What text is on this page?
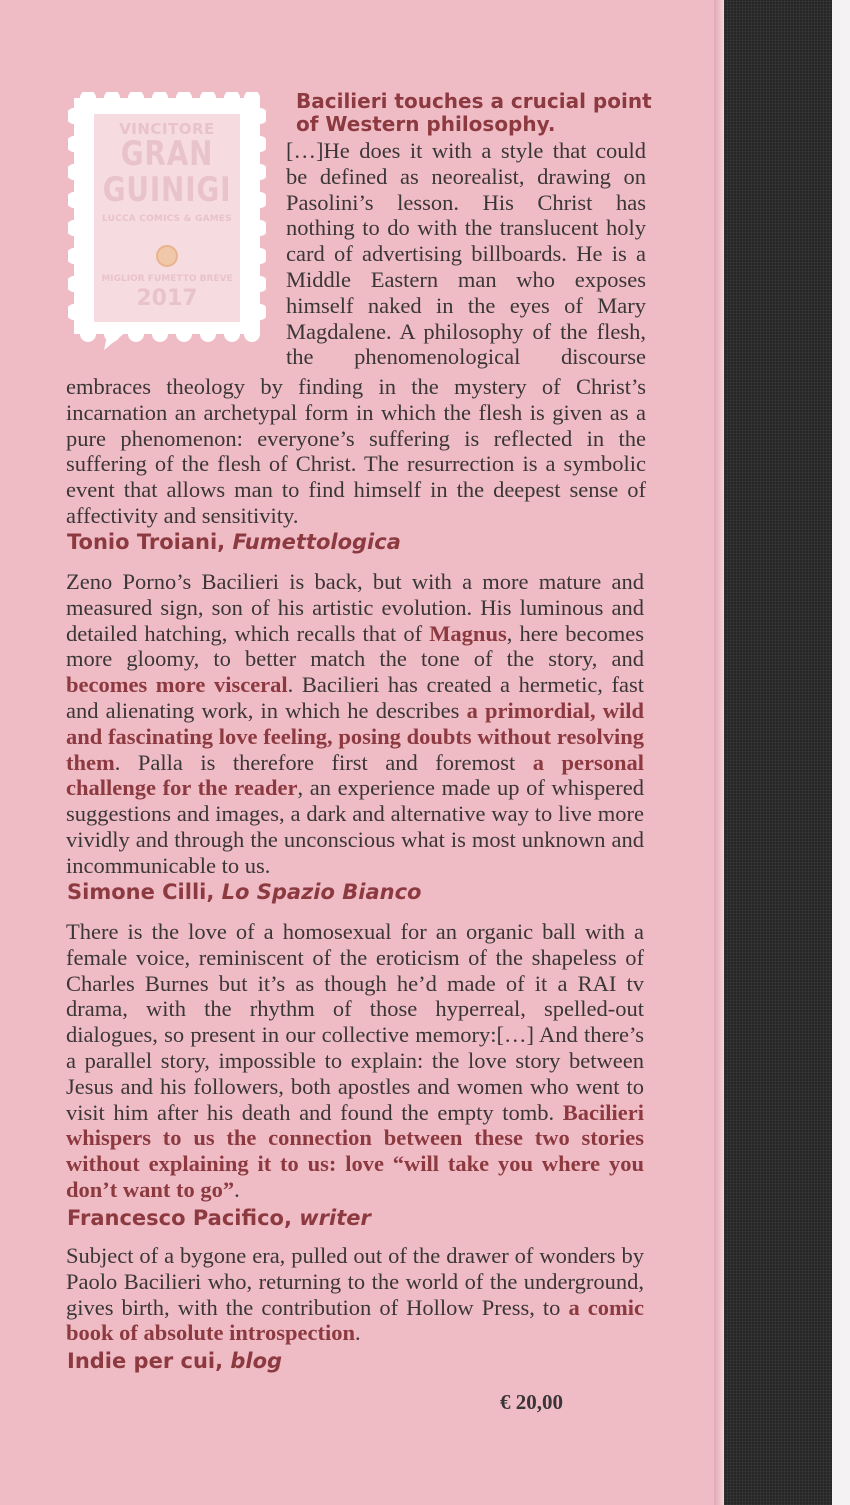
VINCITORE
GRAN
GUINIGI
LUCCA COMICS & GAMES
MIGLIOR FUMETTO BREVE
2017
Bacilieri touches a crucial point of Western philosophy.
[…]He does it with a style that could
be defined as neorealist, drawing on
Pasolini’s lesson. His Christ has
nothing to do with the translucent holy
card of advertising billboards. He is a
Middle Eastern man who exposes
himself naked in the eyes of Mary
Magdalene. A philosophy of the flesh,
the phenomenological discourse
embraces theology by finding in the mystery of Christ’s
incarnation an archetypal form in which the flesh is given as a
pure phenomenon: everyone’s suffering is reflected in the
suffering of the flesh of Christ. The resurrection is a symbolic
event that allows man to find himself in the deepest sense of
affectivity and sensitivity.
Tonio Troiani, Fumettologica
Zeno Porno’s Bacilieri is back, but with a more mature and measured sign, son of his artistic evolution. His luminous and detailed hatching, which recalls that of Magnus, here becomes more gloomy, to better match the tone of the story, and becomes more visceral. Bacilieri has created a hermetic, fast and alienating work, in which he describes a primordial, wild and fascinating love feeling, posing doubts without resolving them. Palla is therefore first and foremost a personal challenge for the reader, an experience made up of whispered suggestions and images, a dark and alternative way to live more vividly and through the unconscious what is most unknown and incommunicable to us.
Simone Cilli, Lo Spazio Bianco
There is the love of a homosexual for an organic ball with a female voice, reminiscent of the eroticism of the shapeless of Charles Burnes but it’s as though he’d made of it a RAI tv drama, with the rhythm of those hyperreal, spelled-out dialogues, so present in our collective memory:[…] And there’s a parallel story, impossible to explain: the love story between Jesus and his followers, both apostles and women who went to visit him after his death and found the empty tomb. Bacilieri whispers to us the connection between these two stories without explaining it to us: love “will take you where you don’t want to go”.
Francesco Pacifico, writer
Subject of a bygone era, pulled out of the drawer of wonders by Paolo Bacilieri who, returning to the world of the underground, gives birth, with the contribution of Hollow Press, to a comic book of absolute introspection.
Indie per cui, blog
€ 20,00
